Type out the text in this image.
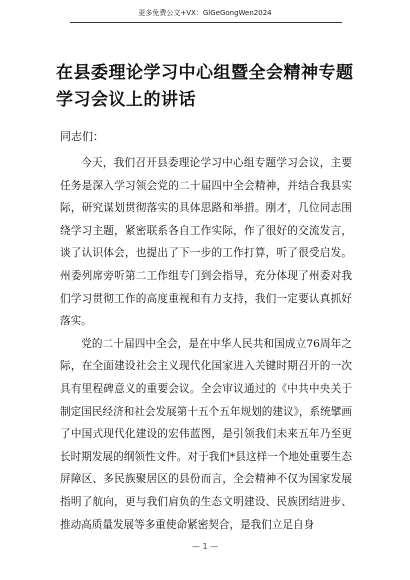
更多免费公文+VX：GlGeGongWen2024
在县委理论学习中心组暨全会精神专题学习会议上的讲话
同志们：

今天，我们召开县委理论学习中心组专题学习会议，主要任务是深入学习领会党的二十届四中全会精神，并结合我县实际，研究谋划贯彻落实的具体思路和举措。刚才，几位同志围绕学习主题，紧密联系各自工作实际，作了很好的交流发言，谈了认识体会，也提出了下一步的工作打算，听了很受启发。州委列席旁听第二工作组专门到会指导，充分体现了州委对我们学习贯彻工作的高度重视和有力支持，我们一定要认真抓好落实。

党的二十届四中全会，是在中华人民共和国成立76周年之际，在全面建设社会主义现代化国家进入关键时期召开的一次具有里程碑意义的重要会议。全会审议通过的《中共中央关于制定国民经济和社会发展第十五个五年规划的建议》，系统擘画了中国式现代化建设的宏伟蓝图，是引领我们未来五年乃至更长时期发展的纲领性文件。对于我们*县这样一个地处重要生态屏障区、多民族聚居区的县份而言，全会精神不仅为国家发展指明了航向，更与我们肩负的生态文明建设、民族团结进步、推动高质量发展等多重使命紧密契合，是我们立足自身

— 1 —
